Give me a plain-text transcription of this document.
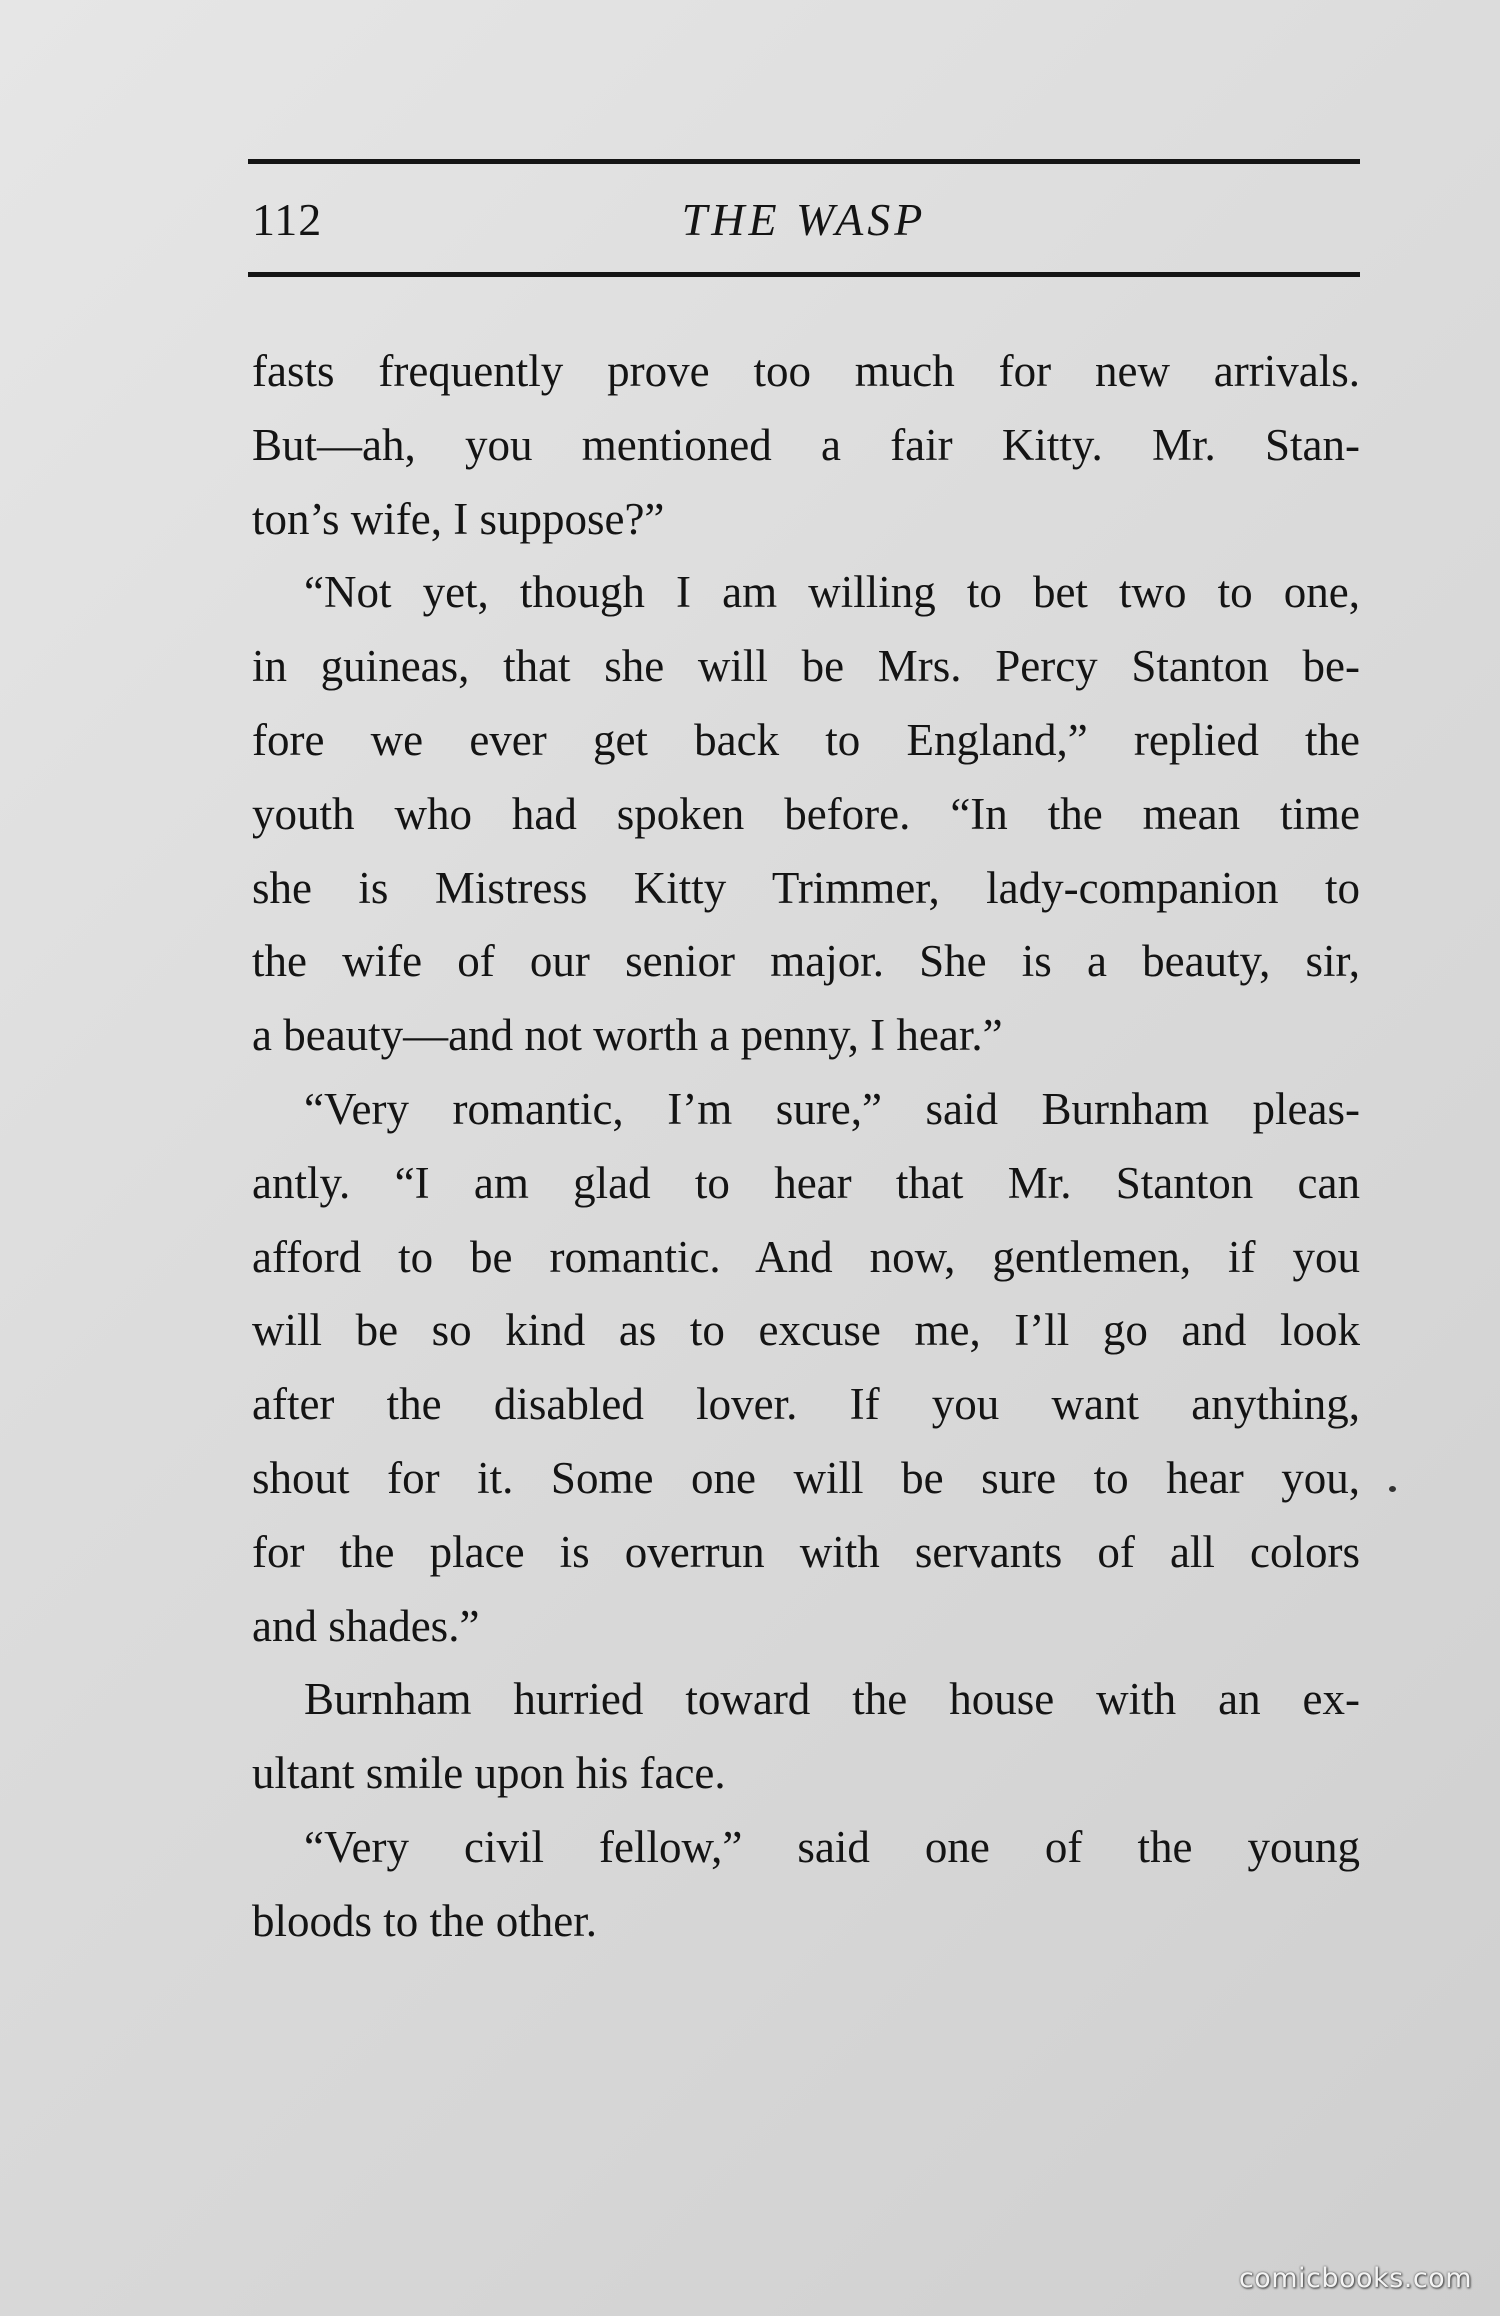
112	THE WASP
fasts frequently prove too much for new arrivals.
But—ah, you mentioned a fair Kitty. Mr. Stan-
ton’s wife, I suppose?”
“Not yet, though I am willing to bet two to one,
in guineas, that she will be Mrs. Percy Stanton be-
fore we ever get back to England,” replied the
youth who had spoken before. “In the mean time
she is Mistress Kitty Trimmer, lady-companion to
the wife of our senior major. She is a beauty, sir,
a beauty—and not worth a penny, I hear.”
“Very romantic, I’m sure,” said Burnham pleas-
antly. “I am glad to hear that Mr. Stanton can
afford to be romantic. And now, gentlemen, if you
will be so kind as to excuse me, I’ll go and look
after the disabled lover. If you want anything,
shout for it. Some one will be sure to hear you,
for the place is overrun with servants of all colors
and shades.”
Burnham hurried toward the house with an ex-
ultant smile upon his face.
“Very civil fellow,” said one of the young
bloods to the other.
comicbooks.com
